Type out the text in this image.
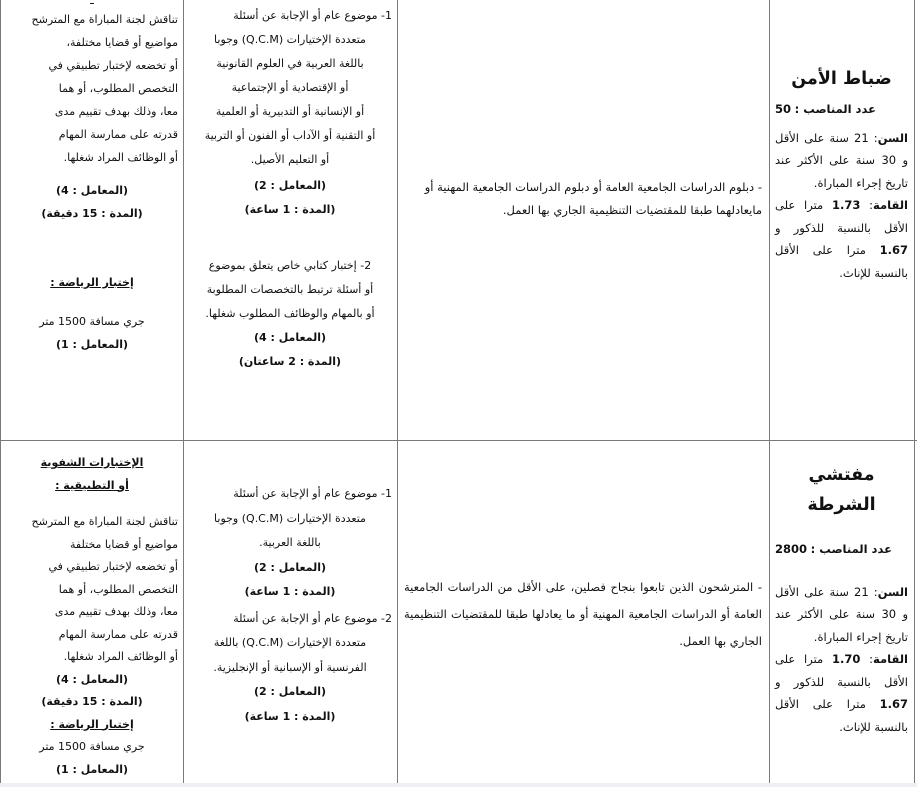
ضباط الأمن
عدد المناصب : 50
السن: 21 سنة على الأقل و 30 سنة على الأكثر عند تاريخ إجراء المباراة.
القامة: 1.73 مترا على الأقل بالنسبة للذكور و 1.67 مترا على الأقل بالنسبة للإناث.
- دبلوم الدراسات الجامعية العامة أو دبلوم الدراسات الجامعية المهنية أو مايعادلهما طبقا للمقتضيات التنظيمية الجاري بها العمل.
1- موضوع عام أو الإجابة عن أسئلة
متعددة الإختيارات (Q.C.M) وجوبا
باللغة العربية في العلوم القانونية
أو الإقتصادية أو الإجتماعية
أو الإنسانية أو التدبيرية أو العلمية
أو التقنية أو الآداب أو الفنون أو التربية
أو التعليم الأصيل.
(المعامل : 2)
(المدة : 1 ساعة)
2- إختبار كتابي خاص يتعلق بموضوع
أو أسئلة ترتبط بالتخصصات المطلوبة
أو بالمهام والوظائف المطلوب شغلها.
(المعامل : 4)
(المدة : 2 ساعتان)

تناقش لجنة المباراة مع المترشح
مواضيع أو قضايا مختلفة،
أو تخضعه لإختبار تطبيقي في
التخصص المطلوب، أو هما
معا، وذلك بهدف تقييم مدى
قدرته على ممارسة المهام
أو الوظائف المراد شغلها.
(المعامل : 4)
(المدة : 15 دقيقة)
إختبار الرياضة :
جري مسافة 1500 متر
(المعامل : 1)
مفتشي الشرطة
عدد المناصب : 2800
السن: 21 سنة على الأقل و 30 سنة على الأكثر عند تاريخ إجراء المباراة.
القامة: 1.70 مترا على الأقل بالنسبة للذكور و 1.67 مترا على الأقل بالنسبة للإناث.
- المترشحون الذين تابعوا بنجاح فصلين، على الأقل من الدراسات الجامعية العامة أو الدراسات الجامعية المهنية أو ما يعادلها طبقا للمقتضيات التنظيمية الجاري بها العمل.
1- موضوع عام أو الإجابة عن أسئلة
متعددة الإختيارات (Q.C.M) وجوبا
باللغة العربية.
(المعامل : 2)
(المدة : 1 ساعة)
2- موضوع عام أو الإجابة عن أسئلة
متعددة الإختيارات (Q.C.M) باللغة
الفرنسية أو الإسبانية أو الإنجليزية.
(المعامل : 2)
(المدة : 1 ساعة)
الإختبارات الشفوية
أو التطبيقية :
تناقش لجنة المباراة مع المترشح
مواضيع أو قضايا مختلفة
أو تخضعه لإختبار تطبيقي في
التخصص المطلوب، أو هما
معا، وذلك بهدف تقييم مدى
قدرته على ممارسة المهام
أو الوظائف المراد شغلها.
(المعامل : 4)
(المدة : 15 دقيقة)
إختبار الرياضة :
جري مسافة 1500 متر
(المعامل : 1)
